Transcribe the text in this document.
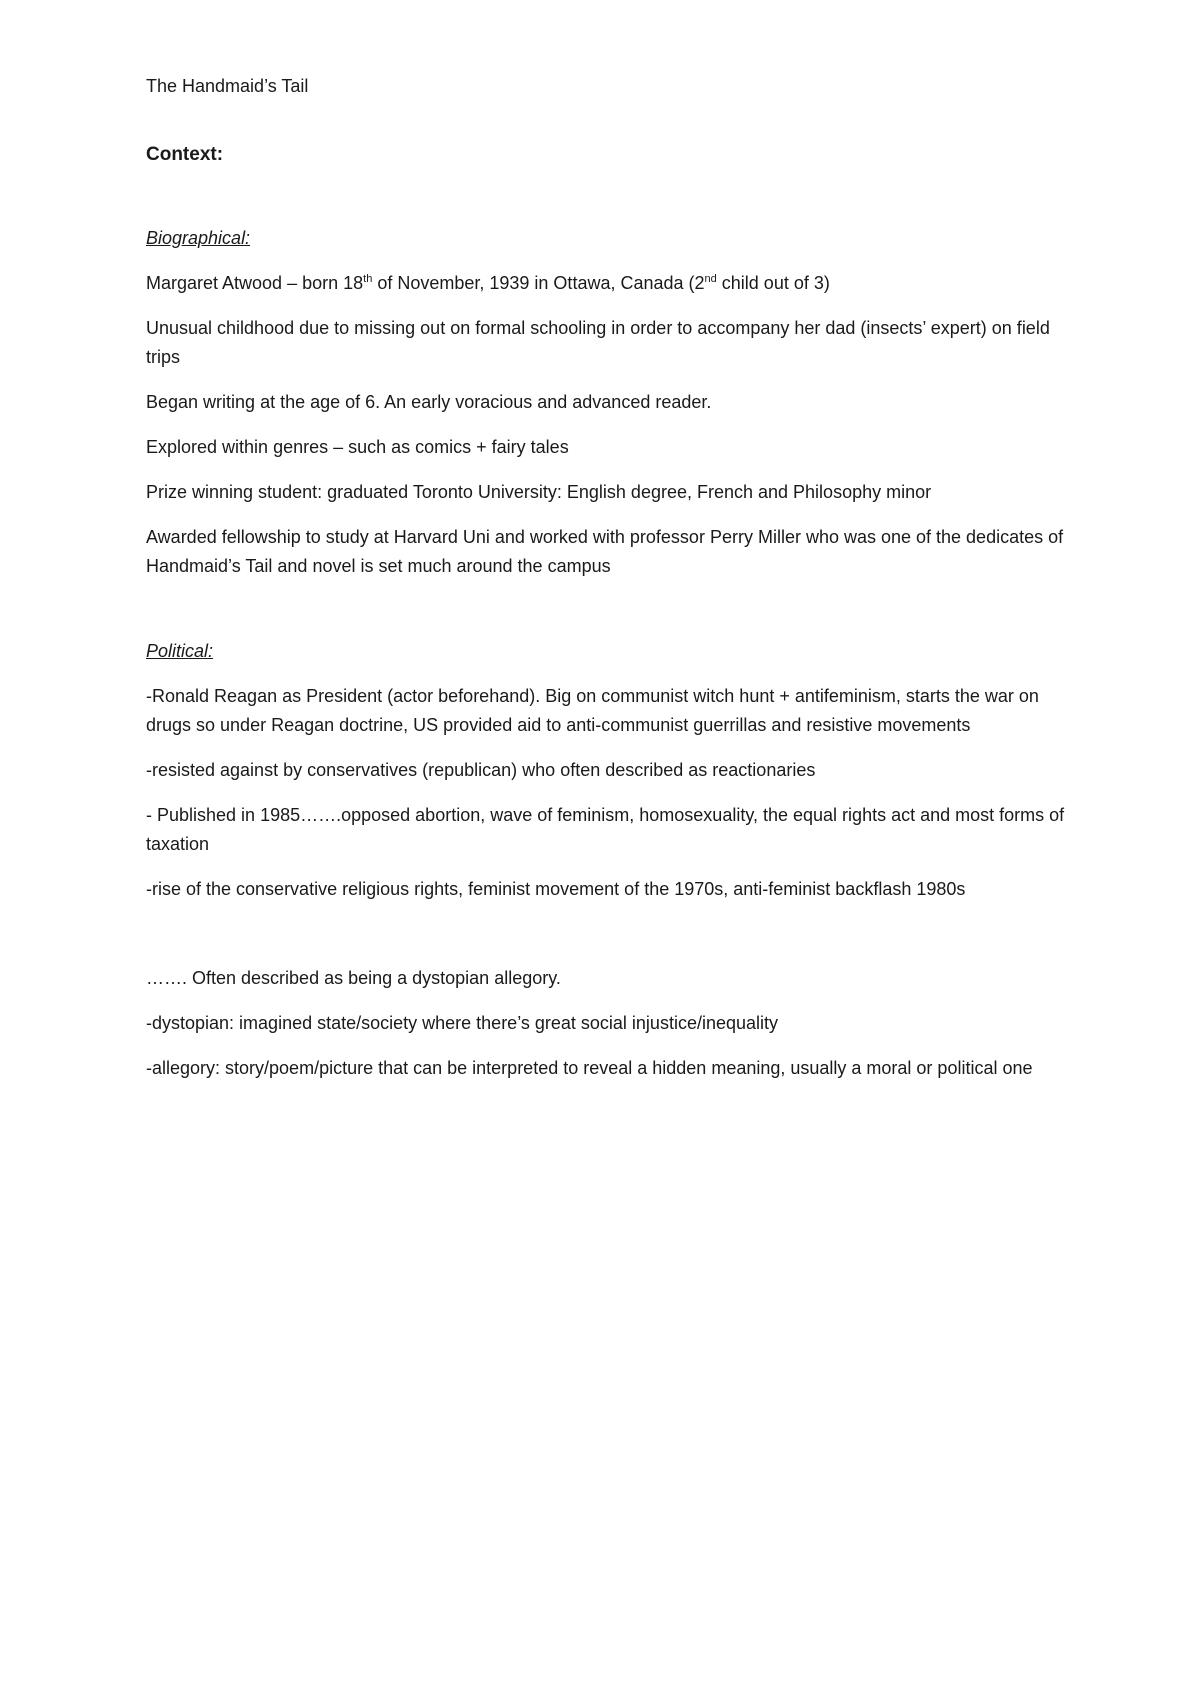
The Handmaid’s Tail
Context:
Biographical:

Margaret Atwood – born 18th of November, 1939 in Ottawa, Canada (2nd child out of 3)

Unusual childhood due to missing out on formal schooling in order to accompany her dad (insects’ expert) on field trips

Began writing at the age of 6. An early voracious and advanced reader.

Explored within genres – such as comics + fairy tales

Prize winning student: graduated Toronto University: English degree, French and Philosophy minor

Awarded fellowship to study at Harvard Uni and worked with professor Perry Miller who was one of the dedicates of Handmaid’s Tail and novel is set much around the campus

Political:

-Ronald Reagan as President (actor beforehand). Big on communist witch hunt + antifeminism, starts the war on drugs so under Reagan doctrine, US provided aid to anti-communist guerrillas and resistive movements

-resisted against by conservatives (republican) who often described as reactionaries

- Published in 1985…….opposed abortion, wave of feminism, homosexuality, the equal rights act and most forms of taxation

-rise of the conservative religious rights, feminist movement of the 1970s, anti-feminist backflash 1980s

……. Often described as being a dystopian allegory.

-dystopian: imagined state/society where there’s great social injustice/inequality

-allegory: story/poem/picture that can be interpreted to reveal a hidden meaning, usually a moral or political one
